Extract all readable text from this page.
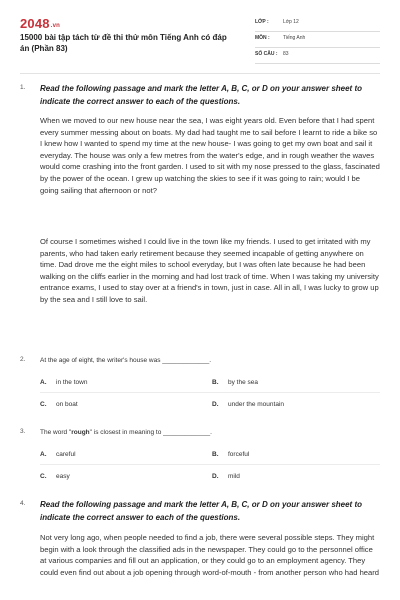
2048.vn
15000 bài tập tách từ đề thi thử môn Tiếng Anh có đáp án (Phần 83)
LỚP :	Lớp 12
MÔN :	Tiếng Anh
SỐ CÂU : 83
1. Read the following passage and mark the letter A, B, C, or D on your answer sheet to indicate the correct answer to each of the questions.
When we moved to our new house near the sea, I was eight years old. Even before that I had spent every summer messing about on boats. My dad had taught me to sail before I learnt to ride a bike so I knew how I wanted to spend my time at the new house- I was going to get my own boat and sail it everyday. The house was only a few metres from the water's edge, and in rough weather the waves would come crashing into the front garden. I used to sit with my nose pressed to the glass, fascinated by the power of the ocean. I grew up watching the skies to see if it was going to rain; would I be going sailing that afternoon or not?
Of course I sometimes wished I could live in the town like my friends. I used to get irritated with my parents, who had taken early retirement because they seemed incapable of getting anywhere on time. Dad drove me the eight miles to school everyday, but I was often late because he had been walking on the cliffs earlier in the morning and had lost track of time. When I was taking my university entrance exams, I used to stay over at a friend's in town, just in case. All in all, I was lucky to grow up by the sea and I still love to sail.
2. At the age of eight, the writer's house was _____________.
A. in the town	B. by the sea
C. on boat	D. under the mountain
3. The word "rough" is closest in meaning to _____________.
A. careful	B. forceful
C. easy	D. mild
4. Read the following passage and mark the letter A, B, C, or D on your answer sheet to indicate the correct answer to each of the questions.
Not very long ago, when people needed to find a job, there were several possible steps. They might begin with a look through the classified ads in the newspaper. They could go to the personnel office at various companies and fill out an application, or they could go to an employment agency. They could even find out about a job opening through word-of-mouth - from another person who had heard
